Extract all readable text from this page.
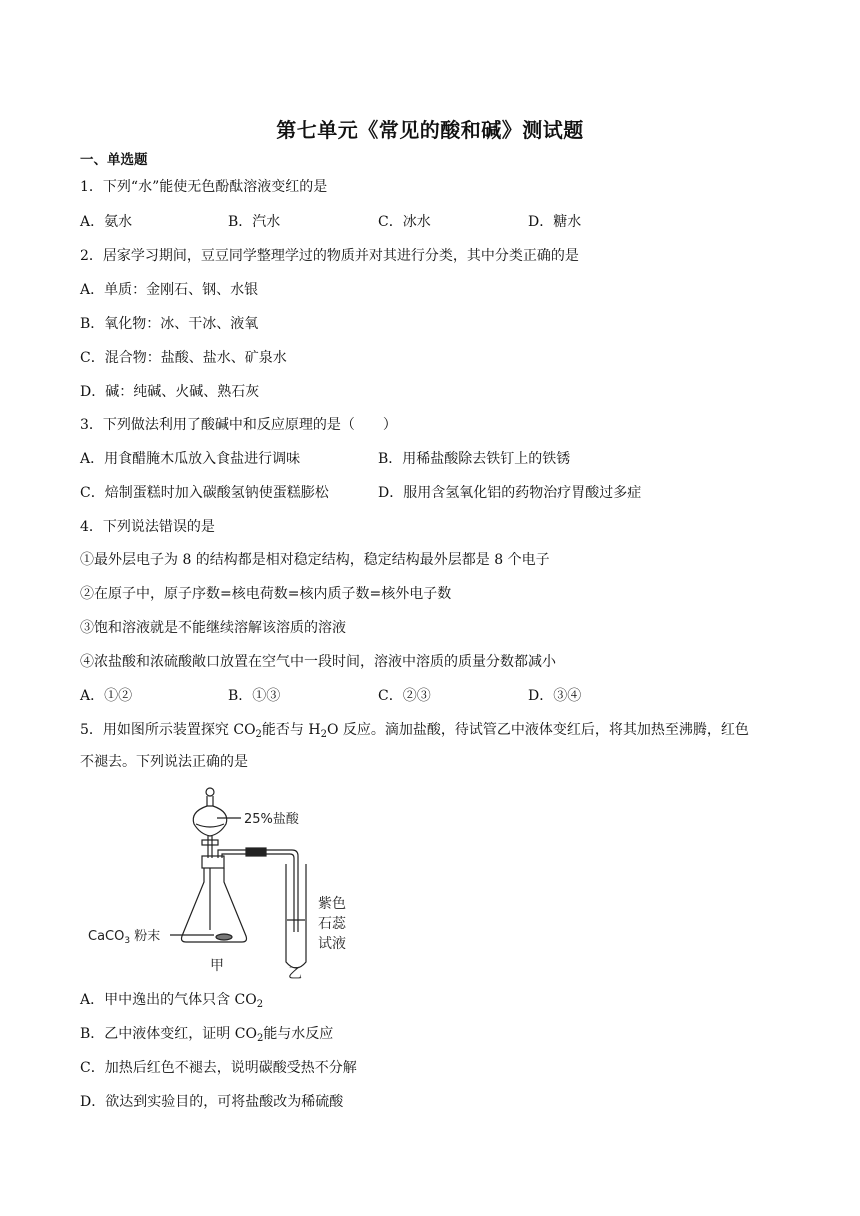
第七单元《常见的酸和碱》测试题
一、单选题
1．下列“水”能使无色酚酞溶液变红的是
A．氨水	B．汽水	C．冰水	D．糖水
2．居家学习期间，豆豆同学整理学过的物质并对其进行分类，其中分类正确的是
A．单质：金刚石、钢、水银
B．氧化物：冰、干冰、液氧
C．混合物：盐酸、盐水、矿泉水
D．碱：纯碱、火碱、熟石灰
3．下列做法利用了酸碱中和反应原理的是（　　）
A．用食醋腌木瓜放入食盐进行调味	B．用稀盐酸除去铁钉上的铁锈
C．焙制蛋糕时加入碳酸氢钠使蛋糕膨松	D．服用含氢氧化铝的药物治疗胃酸过多症
4．下列说法错误的是
①最外层电子为 8 的结构都是相对稳定结构，稳定结构最外层都是 8 个电子
②在原子中，原子序数=核电荷数=核内质子数=核外电子数
③饱和溶液就是不能继续溶解该溶质的溶液
④浓盐酸和浓硫酸敞口放置在空气中一段时间，溶液中溶质的质量分数都减小
A．①②	B．①③	C．②③	D．③④
5．用如图所示装置探究 $CO_2$能否与 $H_2O$ 反应。滴加盐酸，待试管乙中液体变红后，将其加热至沸腾，红色
不褪去。下列说法正确的是
25%盐酸
CaCO$_3$ 粉末
紫色
石蕊
试液
甲	乙
A．甲中逸出的气体只含 $CO_2$
B．乙中液体变红，证明 $CO_2$能与水反应
C．加热后红色不褪去，说明碳酸受热不分解
D．欲达到实验目的，可将盐酸改为稀硫酸
